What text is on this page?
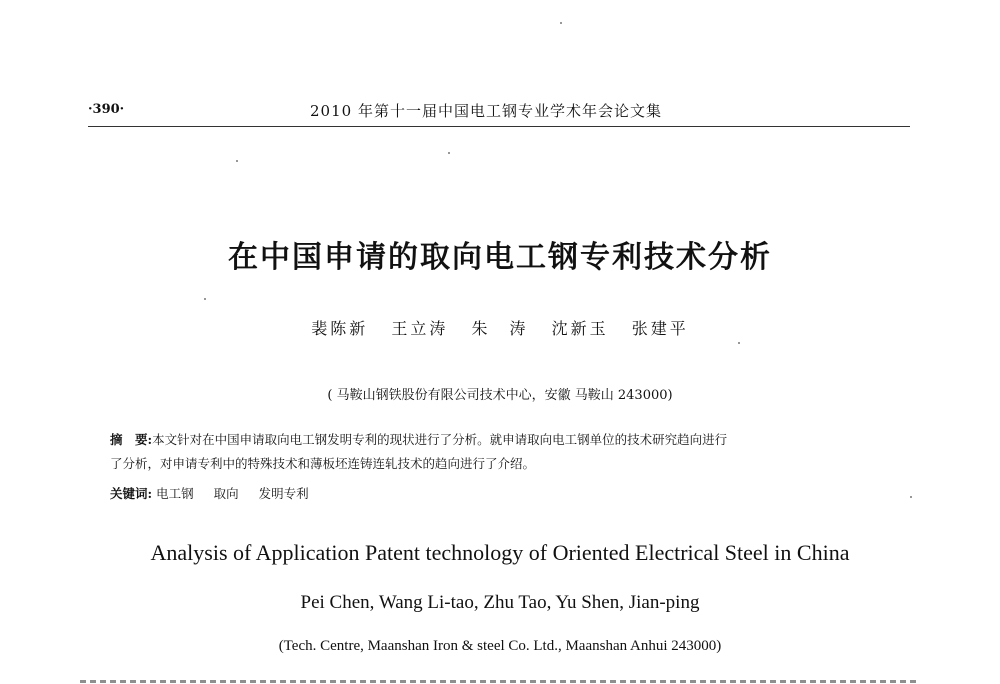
·390·	2010 年第十一届中国电工钢专业学术年会论文集
在中国申请的取向电工钢专利技术分析
裴陈新 王立涛 朱　涛 沈新玉 张建平
( 马鞍山钢铁股份有限公司技术中心，安徽 马鞍山 243000)
摘　要:本文针对在中国申请取向电工钢发明专利的现状进行了分析。就申请取向电工钢单位的技术研究趋向进行
了分析，对申请专利中的特殊技术和薄板坯连铸连轧技术的趋向进行了介绍。
关键词: 电工钢 取向 发明专利
Analysis of Application Patent technology of Oriented Electrical Steel in China
Pei Chen, Wang Li-tao, Zhu Tao, Yu Shen, Jian-ping
(Tech. Centre, Maanshan Iron & steel Co. Ltd., Maanshan Anhui 243000)
